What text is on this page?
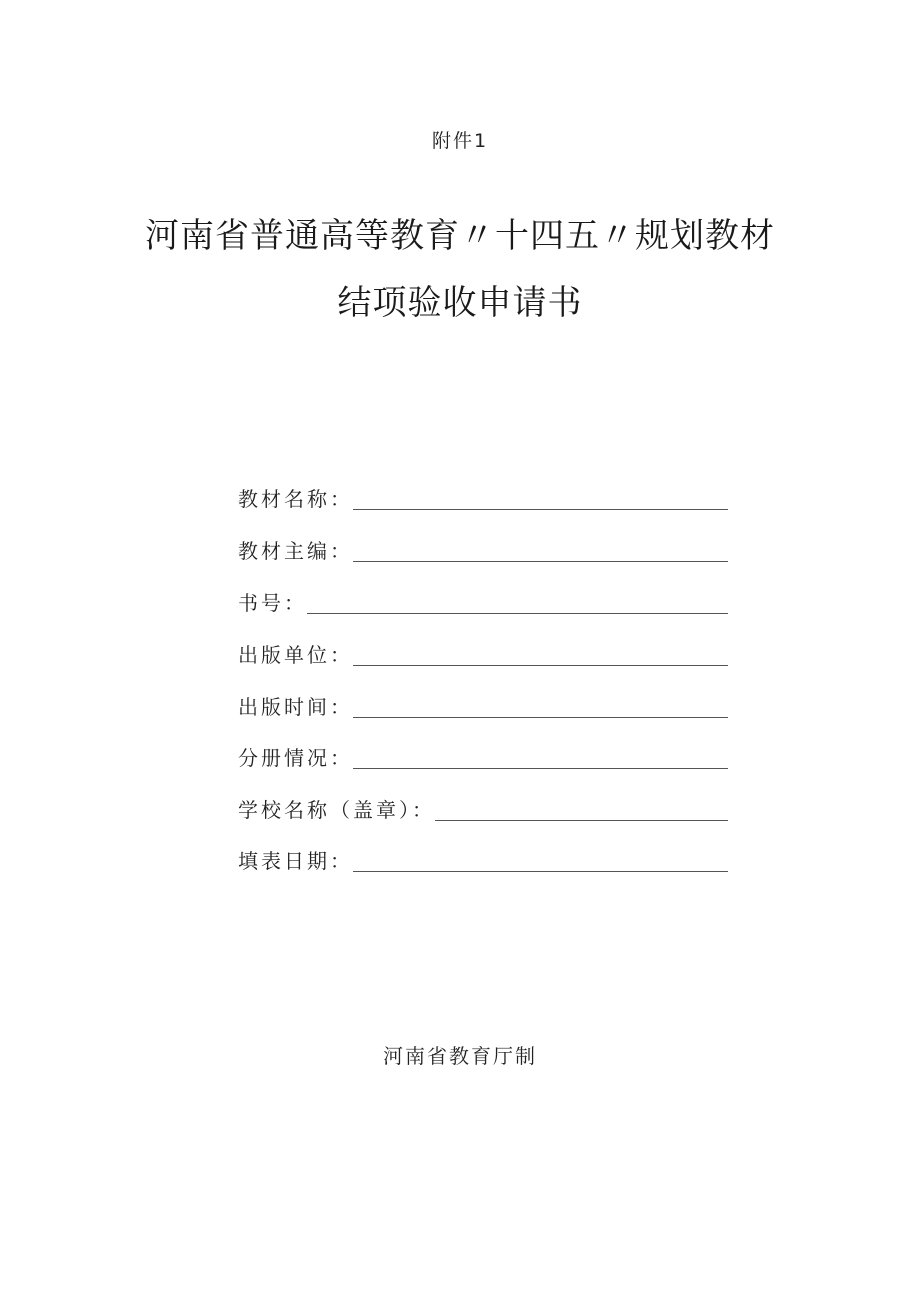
附件1
河南省普通高等教育〃十四五〃规划教材
结项验收申请书
教材名称：
教材主编：
书号：
出版单位：
出版时间：
分册情况：
学校名称（盖章）：
填表日期：
河南省教育厅制
